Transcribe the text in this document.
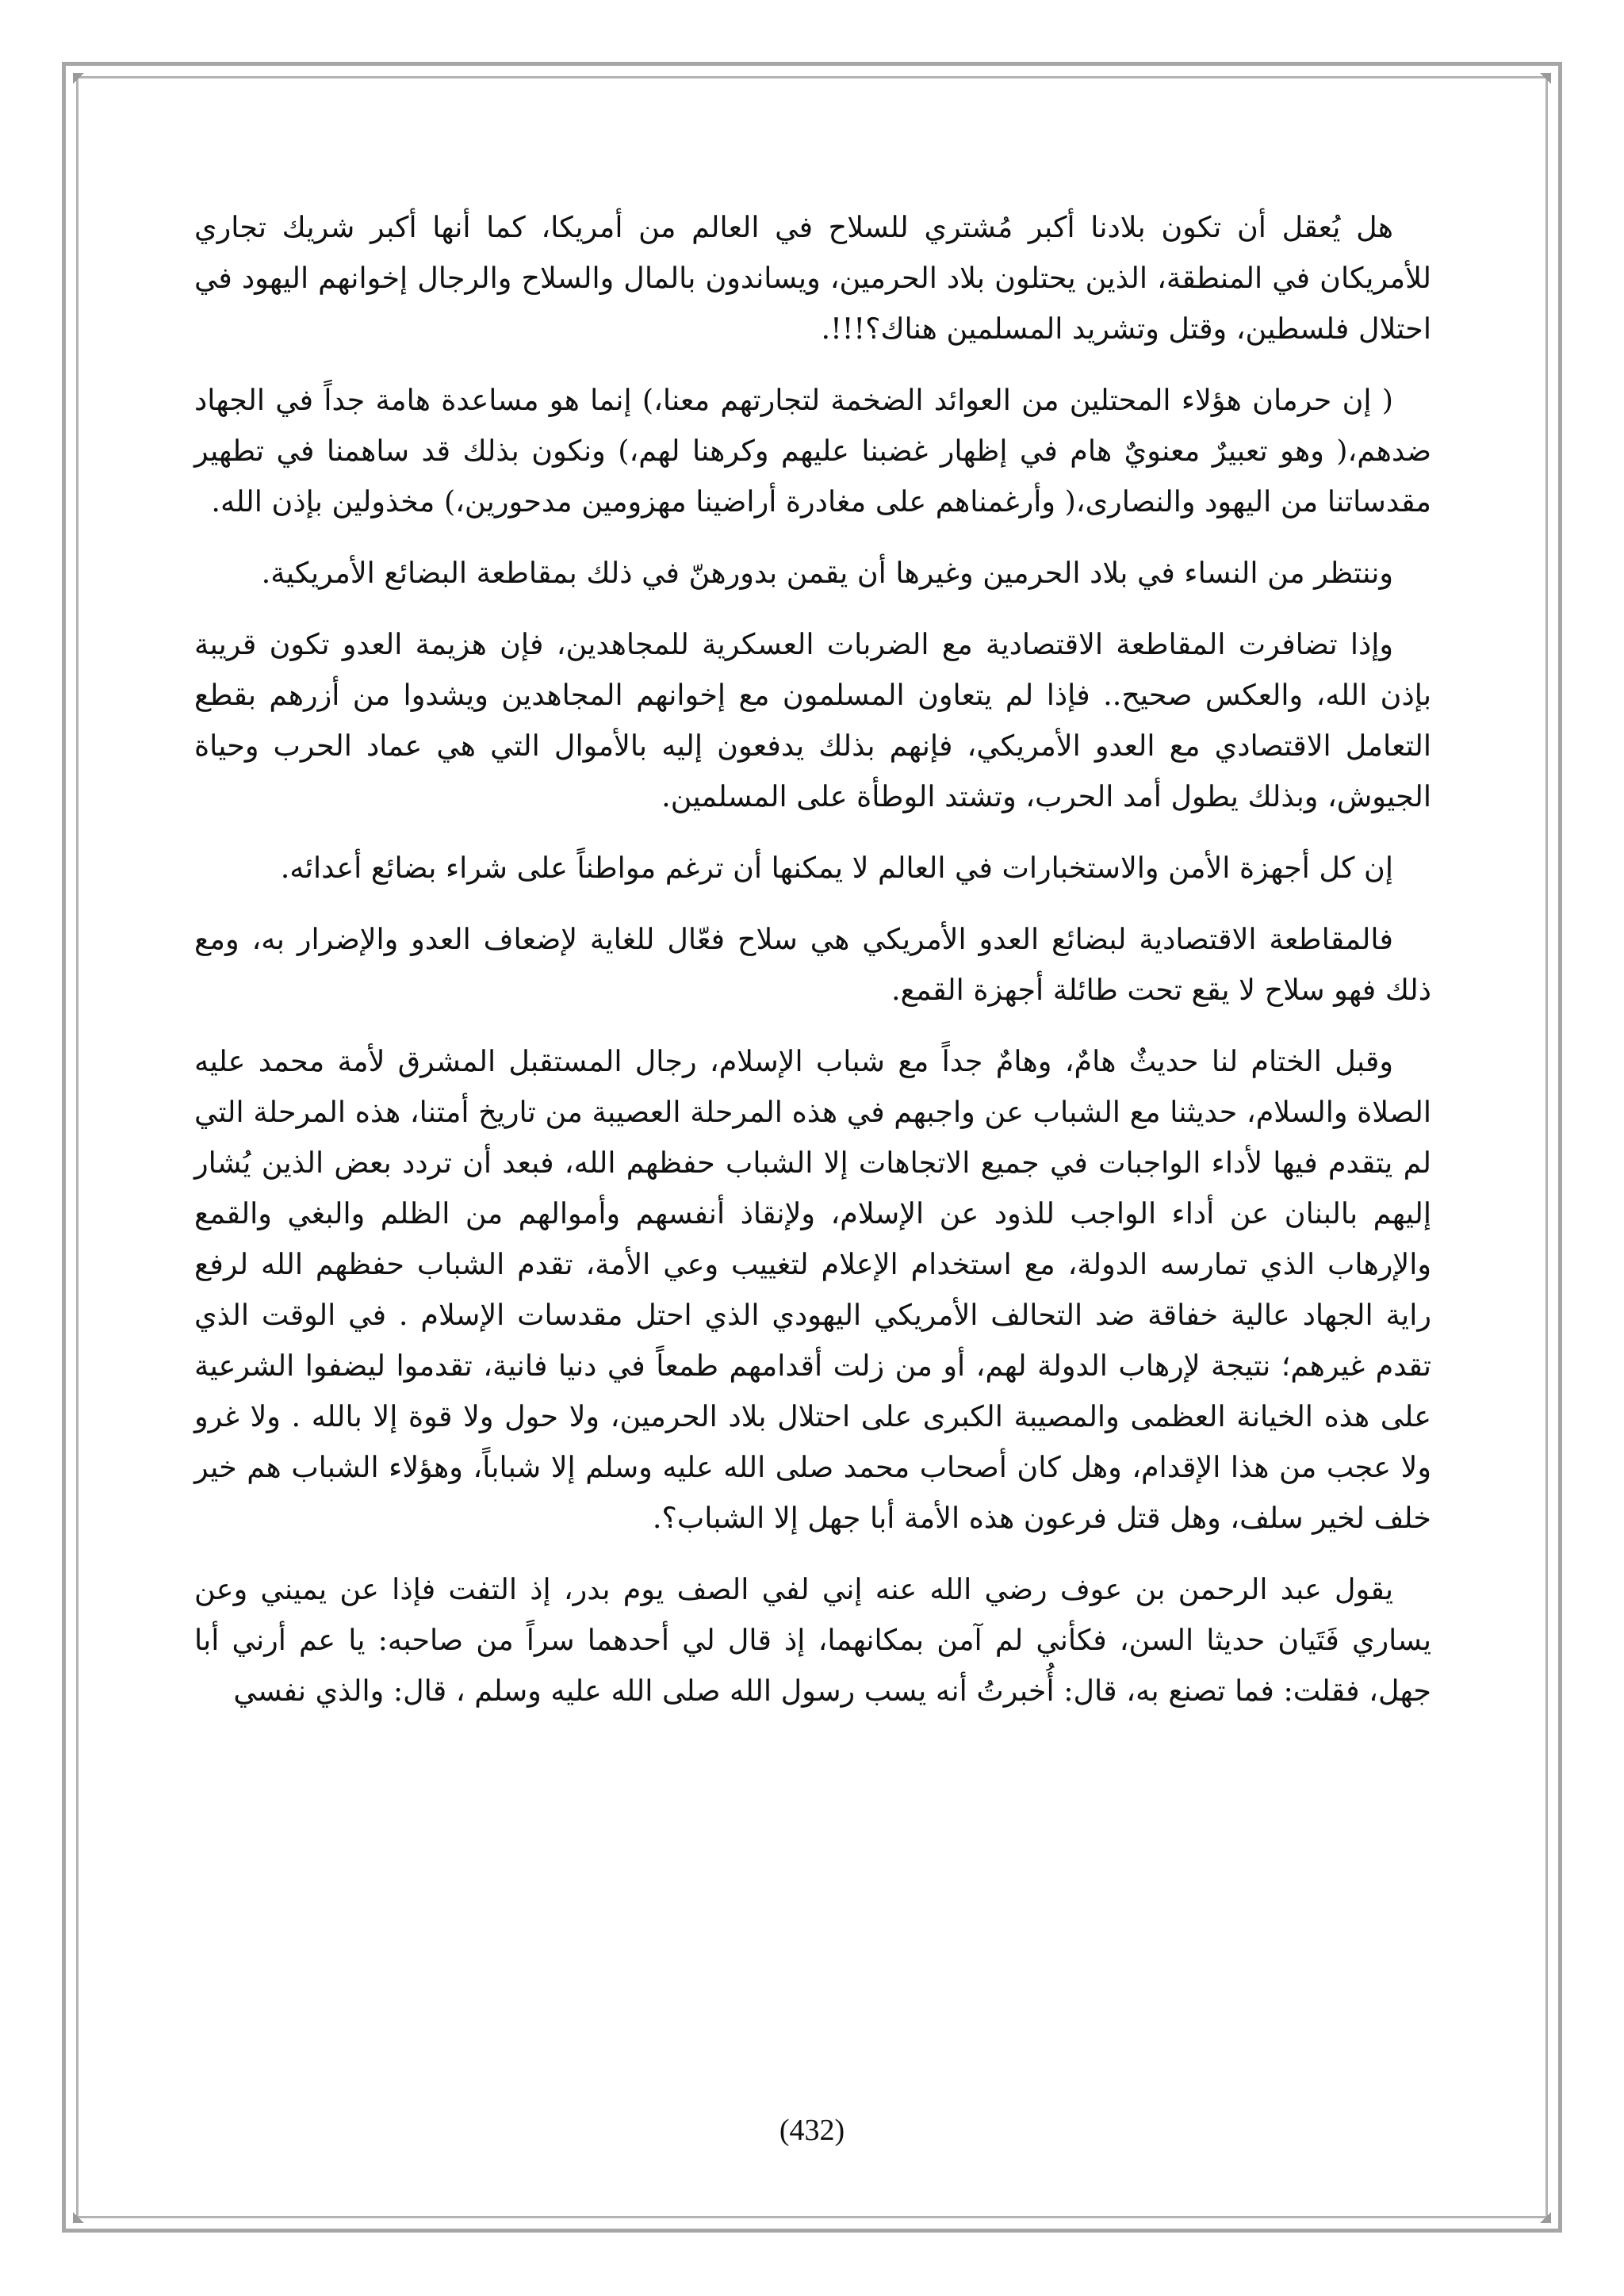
هل يُعقل أن تكون بلادنا أكبر مُشتري للسلاح في العالم من أمريكا، كما أنها أكبر شريك تجاري للأمريكان في المنطقة، الذين يحتلون بلاد الحرمين، ويساندون بالمال والسلاح والرجال إخوانهم اليهود في احتلال فلسطين، وقتل وتشريد المسلمين هناك؟!!!.

( إن حرمان هؤلاء المحتلين من العوائد الضخمة لتجارتهم معنا،) إنما هو مساعدة هامة جداً في الجهاد ضدهم،( وهو تعبيرٌ معنويٌ هام في إظهار غضبنا عليهم وكرهنا لهم،) ونكون بذلك قد ساهمنا في تطهير مقدساتنا من اليهود والنصارى،( وأرغمناهم على مغادرة أراضينا مهزومين مدحورين،) مخذولين بإذن الله.

وننتظر من النساء في بلاد الحرمين وغيرها أن يقمن بدورهنّ في ذلك بمقاطعة البضائع الأمريكية.

وإذا تضافرت المقاطعة الاقتصادية مع الضربات العسكرية للمجاهدين، فإن هزيمة العدو تكون قريبة بإذن الله، والعكس صحيح.. فإذا لم يتعاون المسلمون مع إخوانهم المجاهدين ويشدوا من أزرهم بقطع التعامل الاقتصادي مع العدو الأمريكي، فإنهم بذلك يدفعون إليه بالأموال التي هي عماد الحرب وحياة الجيوش، وبذلك يطول أمد الحرب، وتشتد الوطأة على المسلمين.

إن كل أجهزة الأمن والاستخبارات في العالم لا يمكنها أن ترغم مواطناً على شراء بضائع أعدائه.

فالمقاطعة الاقتصادية لبضائع العدو الأمريكي هي سلاح فعّال للغاية لإضعاف العدو والإضرار به، ومع ذلك فهو سلاح لا يقع تحت طائلة أجهزة القمع.

وقبل الختام لنا حديثٌ هامٌ، وهامٌ جداً مع شباب الإسلام، رجال المستقبل المشرق لأمة محمد عليه الصلاة والسلام، حديثنا مع الشباب عن واجبهم في هذه المرحلة العصيبة من تاريخ أمتنا، هذه المرحلة التي لم يتقدم فيها لأداء الواجبات في جميع الاتجاهات إلا الشباب حفظهم الله، فبعد أن تردد بعض الذين يُشار إليهم بالبنان عن أداء الواجب للذود عن الإسلام، ولإنقاذ أنفسهم وأموالهم من الظلم والبغي والقمع والإرهاب الذي تمارسه الدولة، مع استخدام الإعلام لتغييب وعي الأمة، تقدم الشباب حفظهم الله لرفع راية الجهاد عالية خفاقة ضد التحالف الأمريكي اليهودي الذي احتل مقدسات الإسلام . في الوقت الذي تقدم غيرهم؛ نتيجة لإرهاب الدولة لهم، أو من زلت أقدامهم طمعاً في دنيا فانية، تقدموا ليضفوا الشرعية على هذه الخيانة العظمى والمصيبة الكبرى على احتلال بلاد الحرمين، ولا حول ولا قوة إلا بالله . ولا غرو ولا عجب من هذا الإقدام، وهل كان أصحاب محمد صلى الله عليه وسلم إلا شباباً، وهؤلاء الشباب هم خير خلف لخير سلف، وهل قتل فرعون هذه الأمة أبا جهل إلا الشباب؟.

يقول عبد الرحمن بن عوف رضي الله عنه إني لفي الصف يوم بدر، إذ التفت فإذا عن يميني وعن يساري فَتَيان حديثا السن، فكأني لم آمن بمكانهما، إذ قال لي أحدهما سراً من صاحبه: يا عم أرني أبا جهل، فقلت: فما تصنع به، قال: أُخبرتُ أنه يسب رسول الله صلى الله عليه وسلم ، قال: والذي نفسي

(432)
